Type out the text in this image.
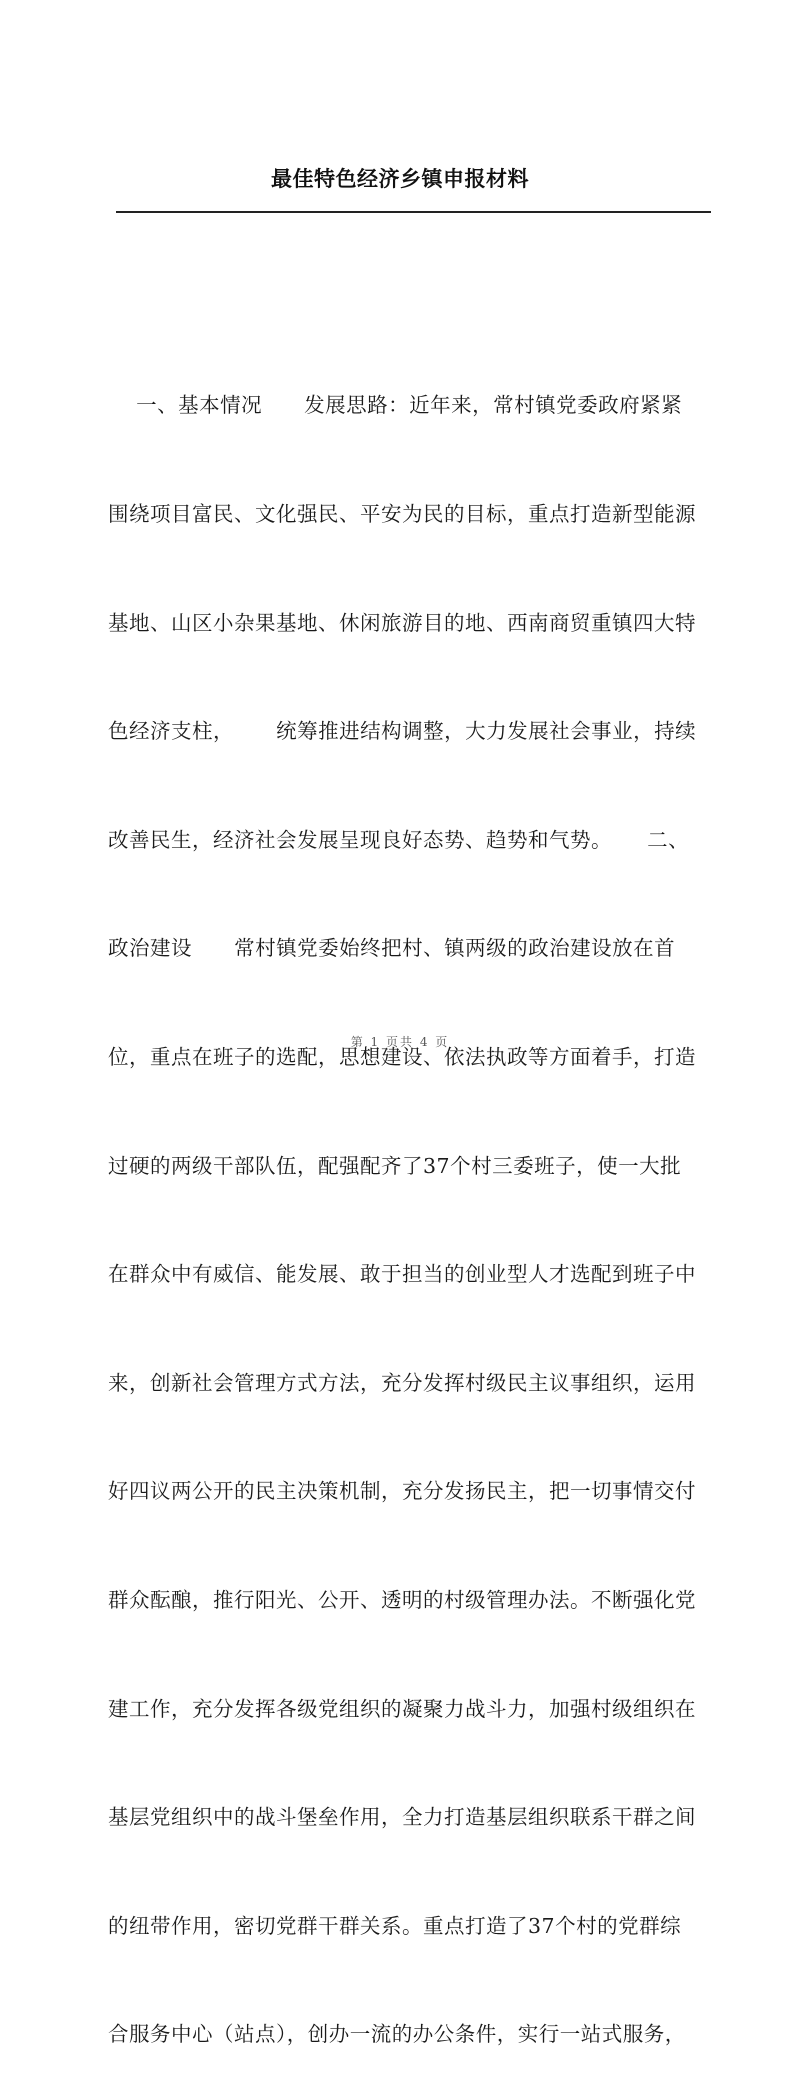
最佳特色经济乡镇申报材料

一、基本情况      发展思路：近年来，常村镇党委政府紧紧

围绕项目富民、文化强民、平安为民的目标，重点打造新型能源

基地、山区小杂果基地、休闲旅游目的地、西南商贸重镇四大特

色经济支柱，      统筹推进结构调整，大力发展社会事业，持续

改善民生，经济社会发展呈现良好态势、趋势和气势。     二、

政治建设      常村镇党委始终把村、镇两级的政治建设放在首

位，重点在班子的选配，思想建设、依法执政等方面着手，打造

过硬的两级干部队伍，配强配齐了37个村三委班子，使一大批

在群众中有威信、能发展、敢于担当的创业型人才选配到班子中

来，创新社会管理方式方法，充分发挥村级民主议事组织，运用

好四议两公开的民主决策机制，充分发扬民主，把一切事情交付

群众酝酿，推行阳光、公开、透明的村级管理办法。不断强化党

建工作，充分发挥各级党组织的凝聚力战斗力，加强村级组织在

基层党组织中的战斗堡垒作用，全力打造基层组织联系干群之间

的纽带作用，密切党群干群关系。重点打造了37个村的党群综

合服务中心（站点），创办一流的办公条件，实行一站式服务，

第 1 页共 4 页
